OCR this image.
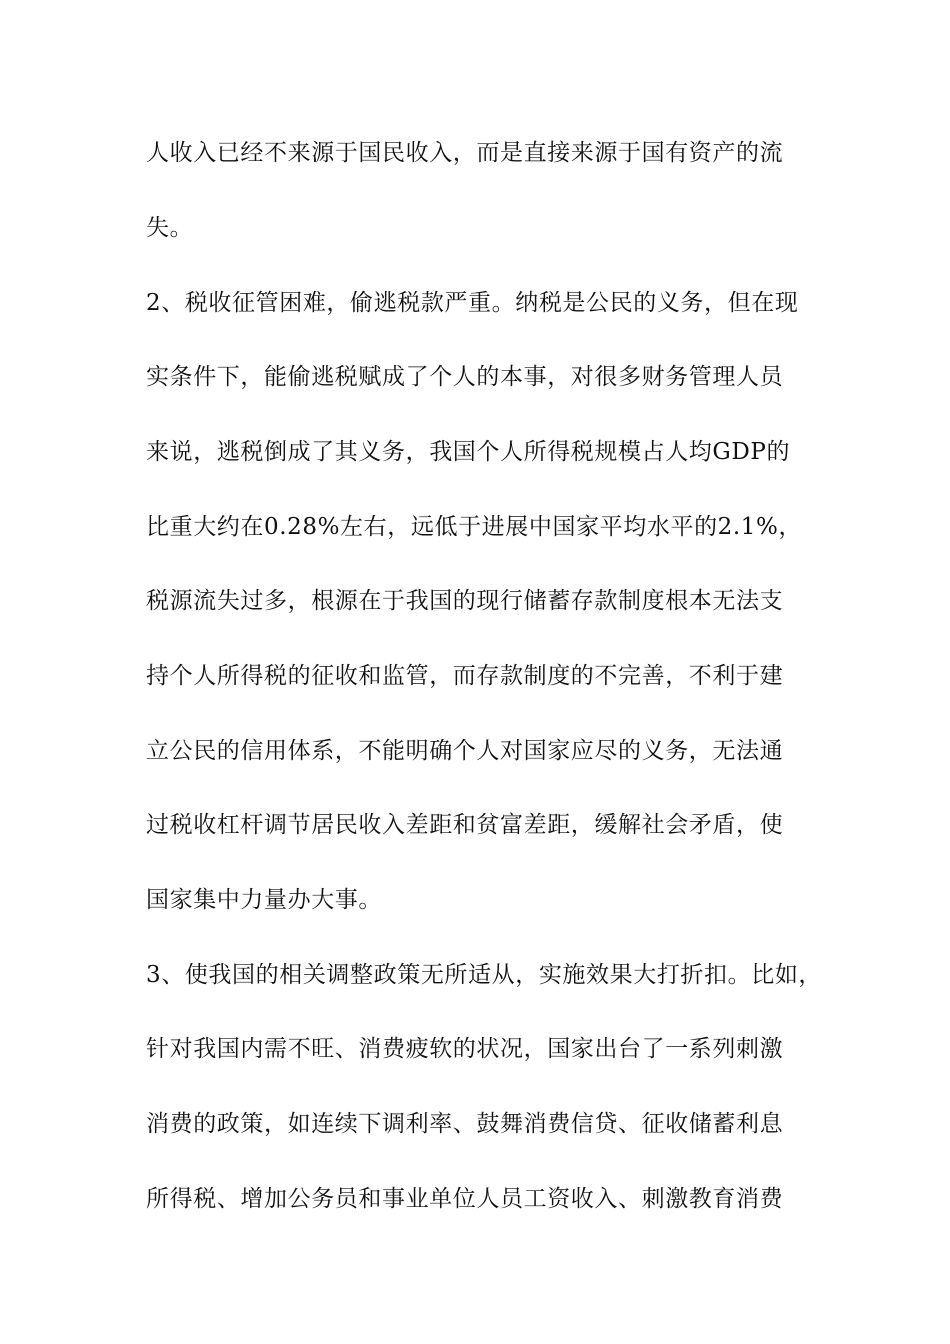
人收入已经不来源于国民收入，而是直接来源于国有资产的流
失。
2、税收征管困难，偷逃税款严重。纳税是公民的义务，但在现
实条件下，能偷逃税赋成了个人的本事，对很多财务管理人员
来说，逃税倒成了其义务，我国个人所得税规模占人均GDP的
比重大约在0.28%左右，远低于进展中国家平均水平的2.1%，
税源流失过多，根源在于我国的现行储蓄存款制度根本无法支
持个人所得税的征收和监管，而存款制度的不完善，不利于建
立公民的信用体系，不能明确个人对国家应尽的义务，无法通
过税收杠杆调节居民收入差距和贫富差距，缓解社会矛盾，使
国家集中力量办大事。
3、使我国的相关调整政策无所适从，实施效果大打折扣。比如，
针对我国内需不旺、消费疲软的状况，国家出台了一系列刺激
消费的政策，如连续下调利率、鼓舞消费信贷、征收储蓄利息
所得税、增加公务员和事业单位人员工资收入、刺激教育消费
